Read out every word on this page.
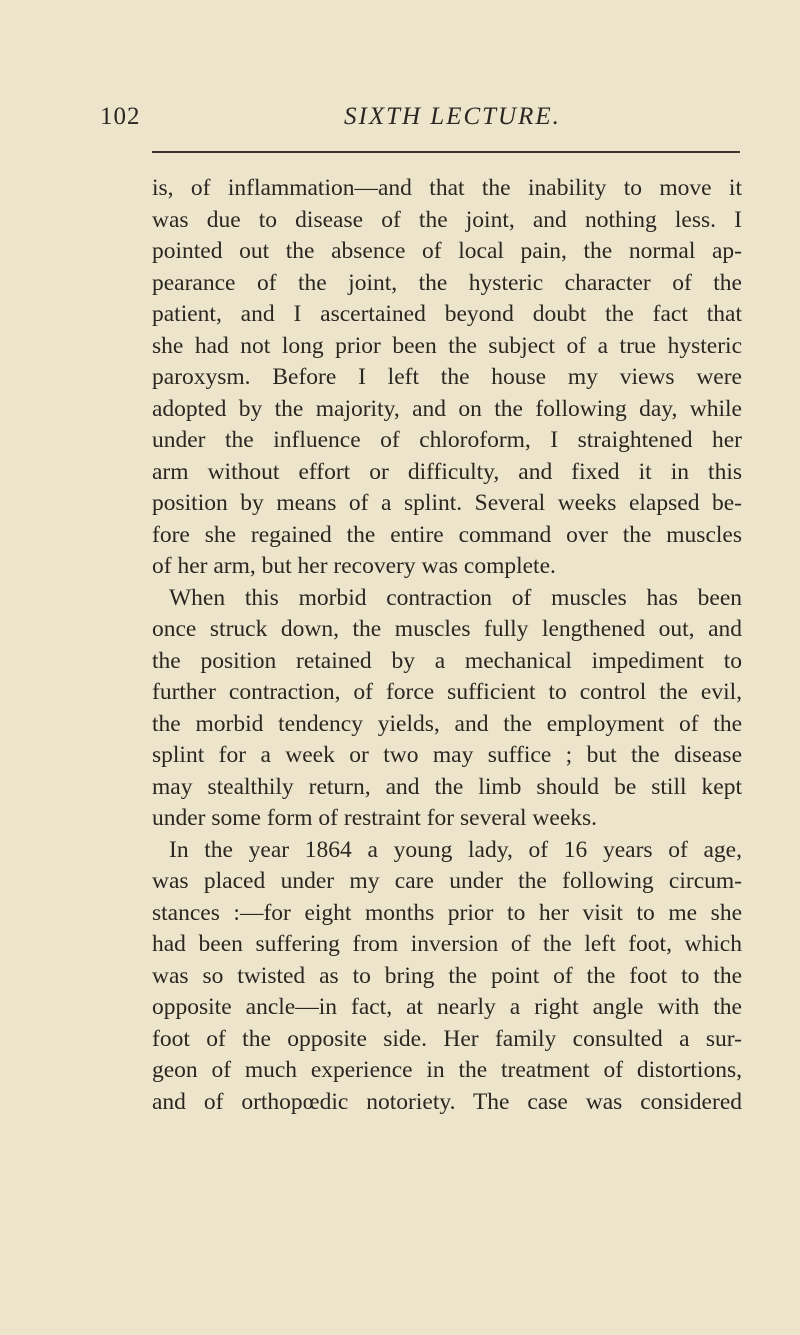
102	SIXTH LECTURE.
is, of inflammation—and that the inability to move it
was due to disease of the joint, and nothing less. I
pointed out the absence of local pain, the normal ap-
pearance of the joint, the hysteric character of the
patient, and I ascertained beyond doubt the fact that
she had not long prior been the subject of a true hysteric
paroxysm. Before I left the house my views were
adopted by the majority, and on the following day, while
under the influence of chloroform, I straightened her
arm without effort or difficulty, and fixed it in this
position by means of a splint. Several weeks elapsed be-
fore she regained the entire command over the muscles
of her arm, but her recovery was complete.
When this morbid contraction of muscles has been
once struck down, the muscles fully lengthened out, and
the position retained by a mechanical impediment to
further contraction, of force sufficient to control the evil,
the morbid tendency yields, and the employment of the
splint for a week or two may suffice ; but the disease
may stealthily return, and the limb should be still kept
under some form of restraint for several weeks.
In the year 1864 a young lady, of 16 years of age,
was placed under my care under the following circum-
stances :—for eight months prior to her visit to me she
had been suffering from inversion of the left foot, which
was so twisted as to bring the point of the foot to the
opposite ancle—in fact, at nearly a right angle with the
foot of the opposite side. Her family consulted a sur-
geon of much experience in the treatment of distortions,
and of orthopœdic notoriety. The case was considered
